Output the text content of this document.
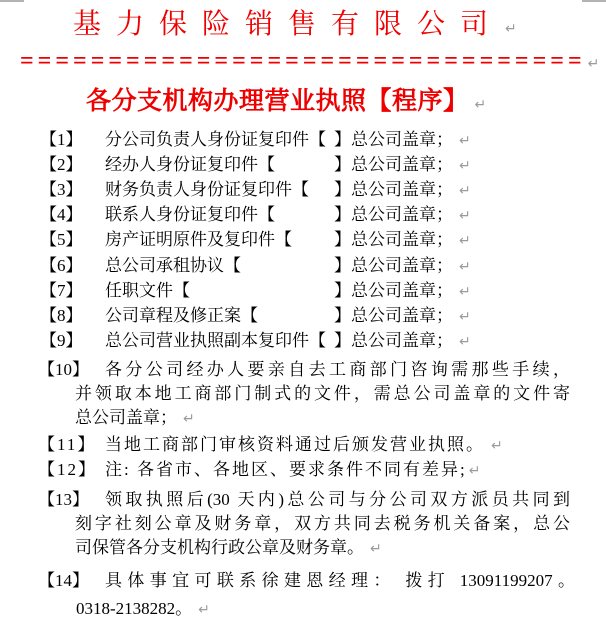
基力保险销售有限公司 ↵
================================ ↵
各分支机构办理营业执照【程序】 ↵
【1】 分公司负责人身份证复印件【 】总公司盖章； ↵
【2】 经办人身份证复印件【	】总公司盖章； ↵
【3】 财务负责人身份证复印件【 】总公司盖章； ↵
【4】 联系人身份证复印件【	】总公司盖章； ↵
【5】 房产证明原件及复印件【 】总公司盖章； ↵
【6】 总公司承租协议【	】总公司盖章； ↵
【7】 任职文件【	】总公司盖章； ↵
【8】 公司章程及修正案【	】总公司盖章； ↵
【9】 总公司营业执照副本复印件【 】总公司盖章； ↵
【10】 各分公司经办人要亲自去工商部门咨询需那些手续，
并领取本地工商部门制式的文件，需总公司盖章的文件寄
总公司盖章； ↵
【11】 当地工商部门审核资料通过后颁发营业执照。 ↵
【12】 注: 各省市、各地区、要求条件不同有差异; ↵
【13】 领取执照后(30 天内)总公司与分公司双方派员共同到
刻字社刻公章及财务章，双方共同去税务机关备案，总公
司保管各分支机构行政公章及财务章。 ↵
【14】 具体事宜可联系徐建恩经理： 拨打 13091199207。
0318-2138282。 ↵
